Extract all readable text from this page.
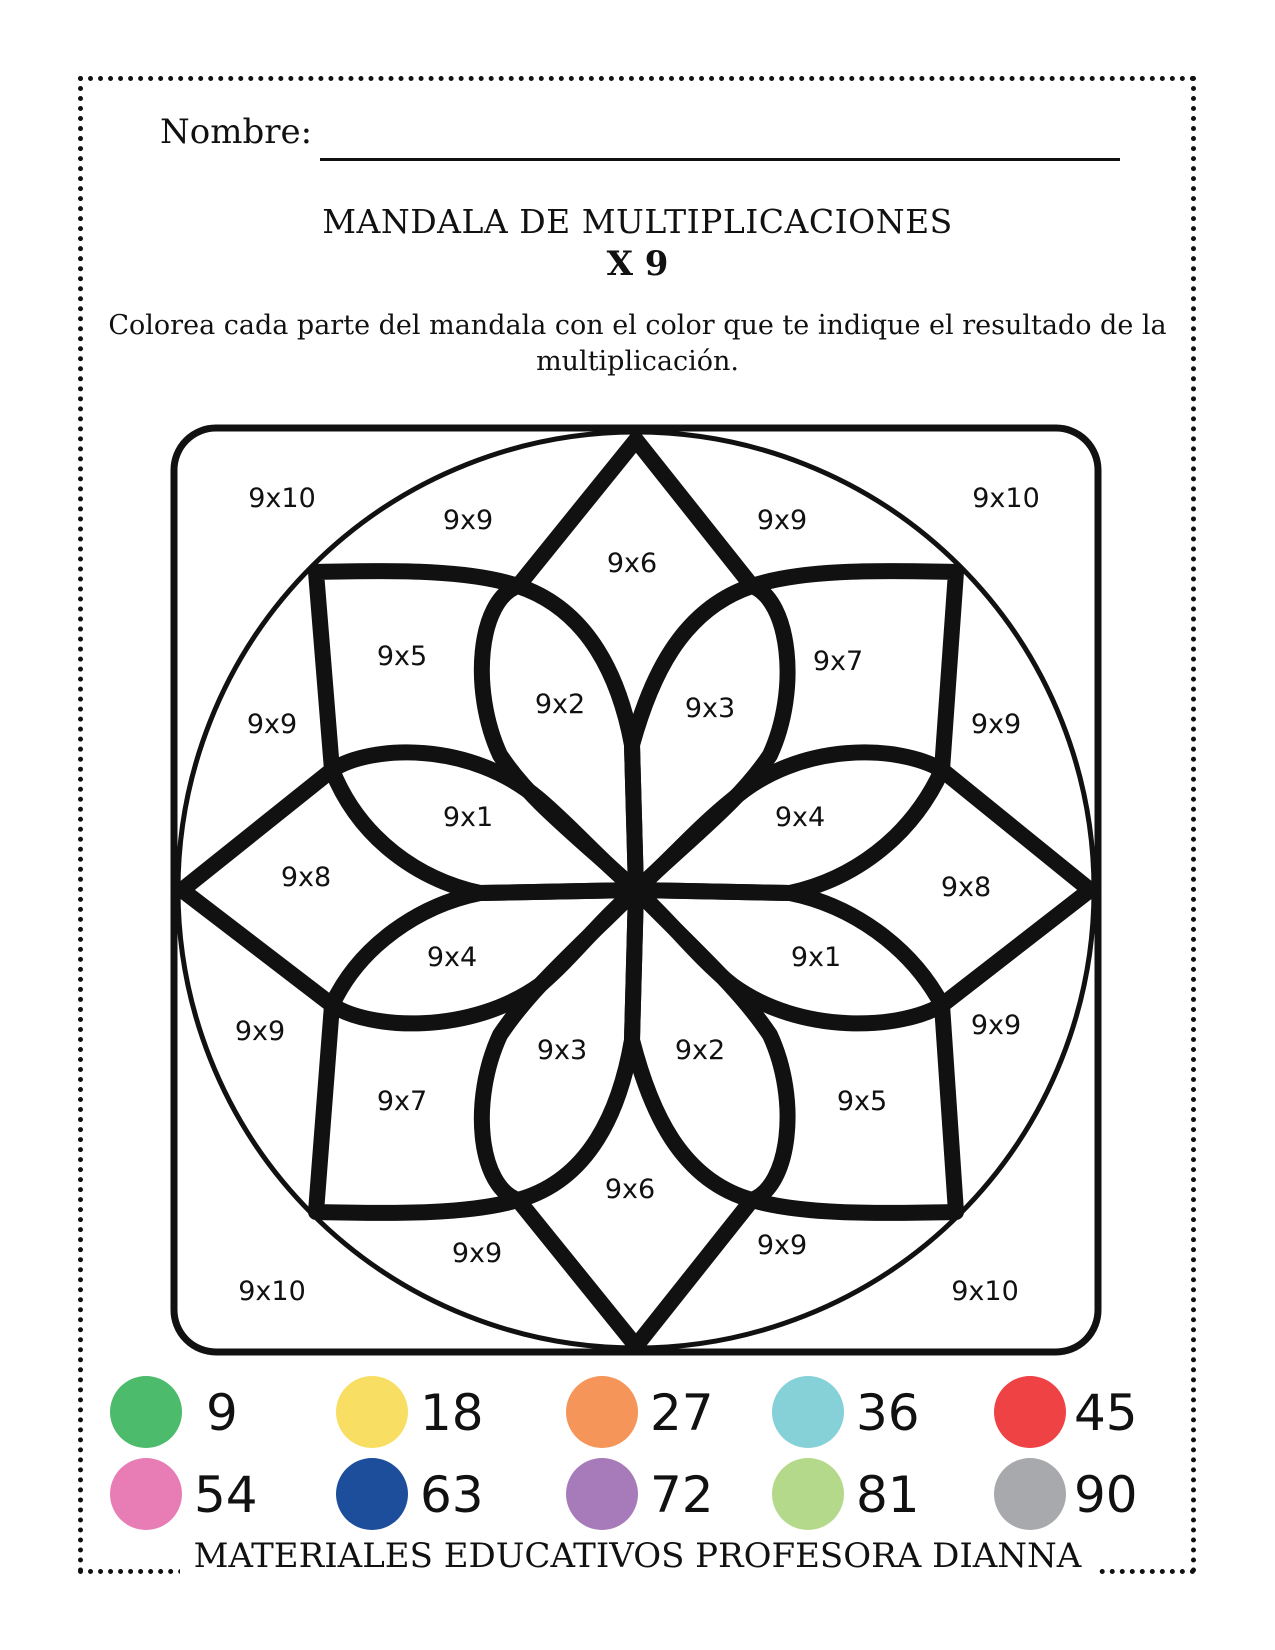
Nombre:
MANDALA DE MULTIPLICACIONES
X 9
Colorea cada parte del mandala con el color que te indique el resultado de la multiplicación.
9x10	9x10
9x10	9x10
9x9	9x9
9x9	9x9
9x9	9x9
9x9	9x9
9x6
9x6
9x8	9x8
9x5	9x7
9x7	9x5
9x2	9x3
9x3	9x2
9x1	9x4
9x4	9x1
9	18	27	36	45
54	63	72	81	90
MATERIALES EDUCATIVOS PROFESORA DIANNA
